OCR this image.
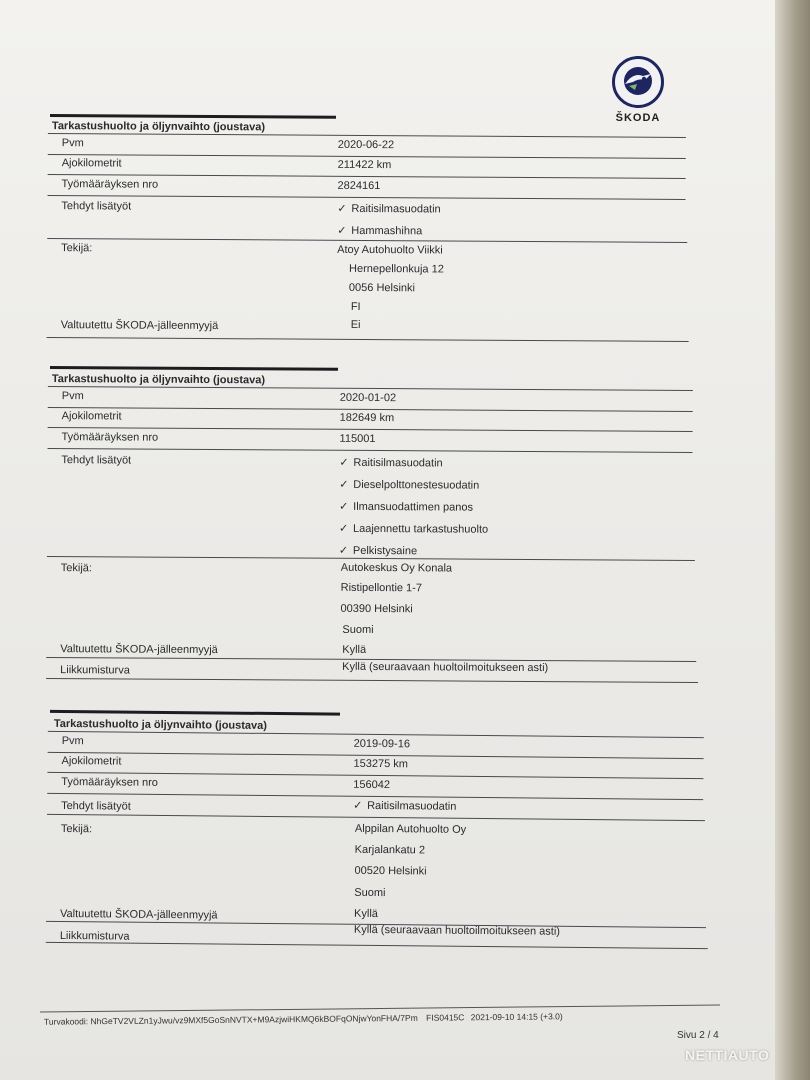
ŠKODA
Tarkastushuolto ja öljynvaihto (joustava)
Pvm	2020-06-22
Ajokilometrit	211422 km
Työmääräyksen nro	2824161
Tehdyt lisätyöt	✓ Raitisilmasuodatin
✓ Hammashihna
Tekijä:	Atoy Autohuolto Viikki
Hernepellonkuja 12
0056 Helsinki
FI
Valtuutettu ŠKODA-jälleenmyyjä	Ei
Tarkastushuolto ja öljynvaihto (joustava)
Pvm	2020-01-02
Ajokilometrit	182649 km
Työmääräyksen nro	115001
Tehdyt lisätyöt	✓ Raitisilmasuodatin
✓ Dieselpolttonestesuodatin
✓ Ilmansuodattimen panos
✓ Laajennettu tarkastushuolto
✓ Pelkistysaine
Tekijä:	Autokeskus Oy Konala
Ristipellontie 1-7
00390 Helsinki
Suomi
Valtuutettu ŠKODA-jälleenmyyjä	Kyllä
Liikkumisturva	Kyllä (seuraavaan huoltoilmoitukseen asti)
Tarkastushuolto ja öljynvaihto (joustava)
Pvm	2019-09-16
Ajokilometrit	153275 km
Työmääräyksen nro	156042
Tehdyt lisätyöt	✓ Raitisilmasuodatin
Tekijä:	Alppilan Autohuolto Oy
Karjalankatu 2
00520 Helsinki
Suomi
Valtuutettu ŠKODA-jälleenmyyjä	Kyllä
Liikkumisturva	Kyllä (seuraavaan huoltoilmoitukseen asti)
Turvakoodi: NhGeTV2VLZn1yJwu/vz9MXf5GoSnNVTX+M9AzjwiHKMQ6kBOFqONjwYonFHA/7Pm FIS0415C 2021-09-10 14:15 (+3.0)
Sivu 2 / 4
NETTIAUTO
